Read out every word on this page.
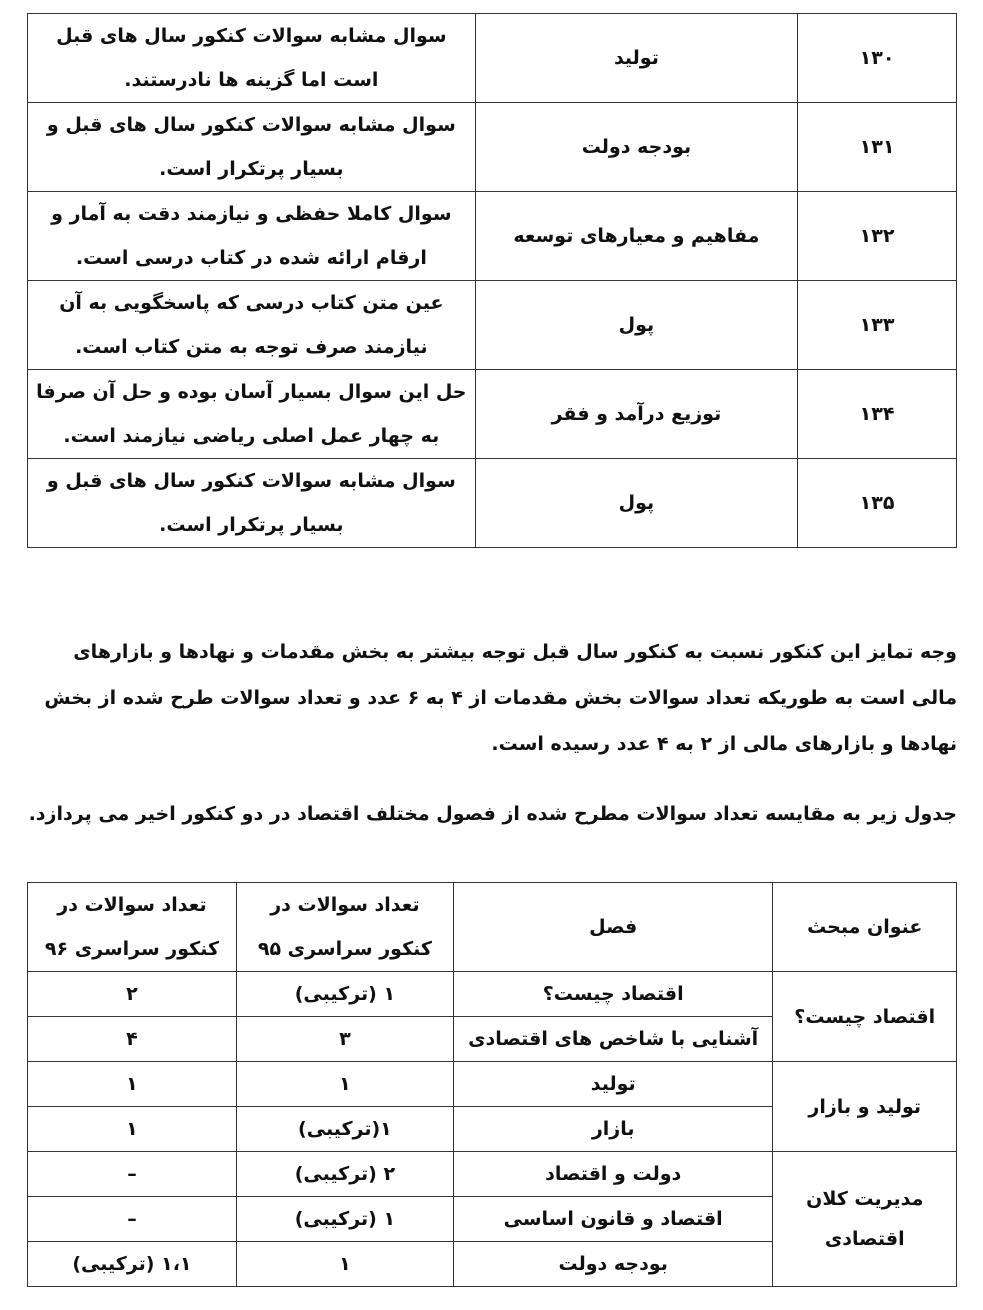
۱۳۰	تولید	سوال مشابه سوالات کنکور سال های قبل است اما گزینه ها نادرستند.
۱۳۱	بودجه دولت	سوال مشابه سوالات کنکور سال های قبل و بسیار پرتکرار است.
۱۳۲	مفاهیم و معیارهای توسعه	سوال کاملا حفظی و نیازمند دقت به آمار و ارقام ارائه شده در کتاب درسی است.
۱۳۳	پول	عین متن کتاب درسی که پاسخگویی به آن نیازمند صرف توجه به متن کتاب است.
۱۳۴	توزیع درآمد و فقر	حل این سوال بسیار آسان بوده و حل آن صرفا به چهار عمل اصلی ریاضی نیازمند است.
۱۳۵	پول	سوال مشابه سوالات کنکور سال های قبل و بسیار پرتکرار است.

وجه تمایز این کنکور نسبت به کنکور سال قبل توجه بیشتر به بخش مقدمات و نهادها و بازارهای مالی است به طوریکه تعداد سوالات بخش مقدمات از ۴ به ۶ عدد و تعداد سوالات طرح شده از بخش نهادها و بازارهای مالی از ۲ به ۴ عدد رسیده است.

جدول زیر به مقایسه تعداد سوالات مطرح شده از فصول مختلف اقتصاد در دو کنکور اخیر می پردازد.

عنوان مبحث	فصل	تعداد سوالات در کنکور سراسری ۹۵	تعداد سوالات در کنکور سراسری ۹۶
اقتصاد چیست؟	اقتصاد چیست؟	۱ (ترکیبی)	۲
	آشنایی با شاخص های اقتصادی	۳	۴
تولید و بازار	تولید	۱	۱
	بازار	۱(ترکیبی)	۱
مدیریت کلان اقتصادی	دولت و اقتصاد	۲ (ترکیبی)	–
	اقتصاد و قانون اساسی	۱ (ترکیبی)	–
	بودجه دولت	۱	۱،۱ (ترکیبی)
